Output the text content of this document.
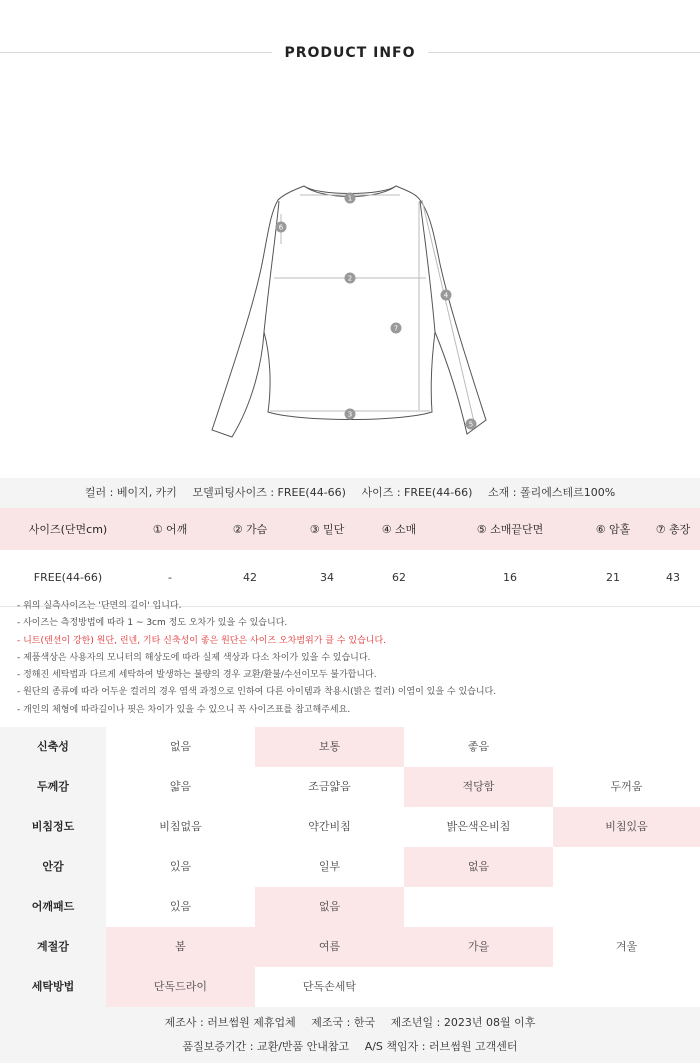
PRODUCT INFO
1
2
3
4
5
6
7
컬러 : 베이지, 카키 모델피팅사이즈 : FREE(44-66) 사이즈 : FREE(44-66) 소재 : 폴리에스테르100%
사이즈(단면cm)	① 어깨	② 가슴	③ 밑단	④ 소매	⑤ 소매끝단면	⑥ 암홀	⑦ 총장
FREE(44-66)	-	42	34	62	16	21	43

- 위의 실측사이즈는 '단면의 길이' 입니다.

- 사이즈는 측정방법에 따라 1 ~ 3cm 정도 오차가 있을 수 있습니다.

- 니트(텐션이 강한) 원단, 린넨, 기타 신축성이 좋은 원단은 사이즈 오차범위가 클 수 있습니다.

- 제품색상은 사용자의 모니터의 해상도에 따라 실제 색상과 다소 차이가 있을 수 있습니다.

- 정해진 세탁법과 다르게 세탁하여 발생하는 불량의 경우 교환/환불/수선이모두 불가합니다.

- 원단의 종류에 따라 어두운 컬러의 경우 염색 과정으로 인하여 다른 아이템과 착용시(밝은 컬러) 이염이 있을 수 있습니다.

- 개인의 체형에 따라길이나 핏은 차이가 있을 수 있으니 꼭 사이즈표를 참고해주세요.

신축성	없음	보통	좋음
두께감	얇음	조금얇음	적당함	두꺼움
비침정도	비침없음	약간비침	밝은색은비침	비침있음
안감	있음	일부	없음
어깨패드	있음	없음
계절감	봄	여름	가을	겨울
세탁방법	단독드라이	단독손세탁
제조사 : 러브썸원 제휴업체 제조국 : 한국 제조년일 : 2023년 08월 이후
품질보증기간 : 교환/반품 안내참고 A/S 책임자 : 러브썸원 고객센터
